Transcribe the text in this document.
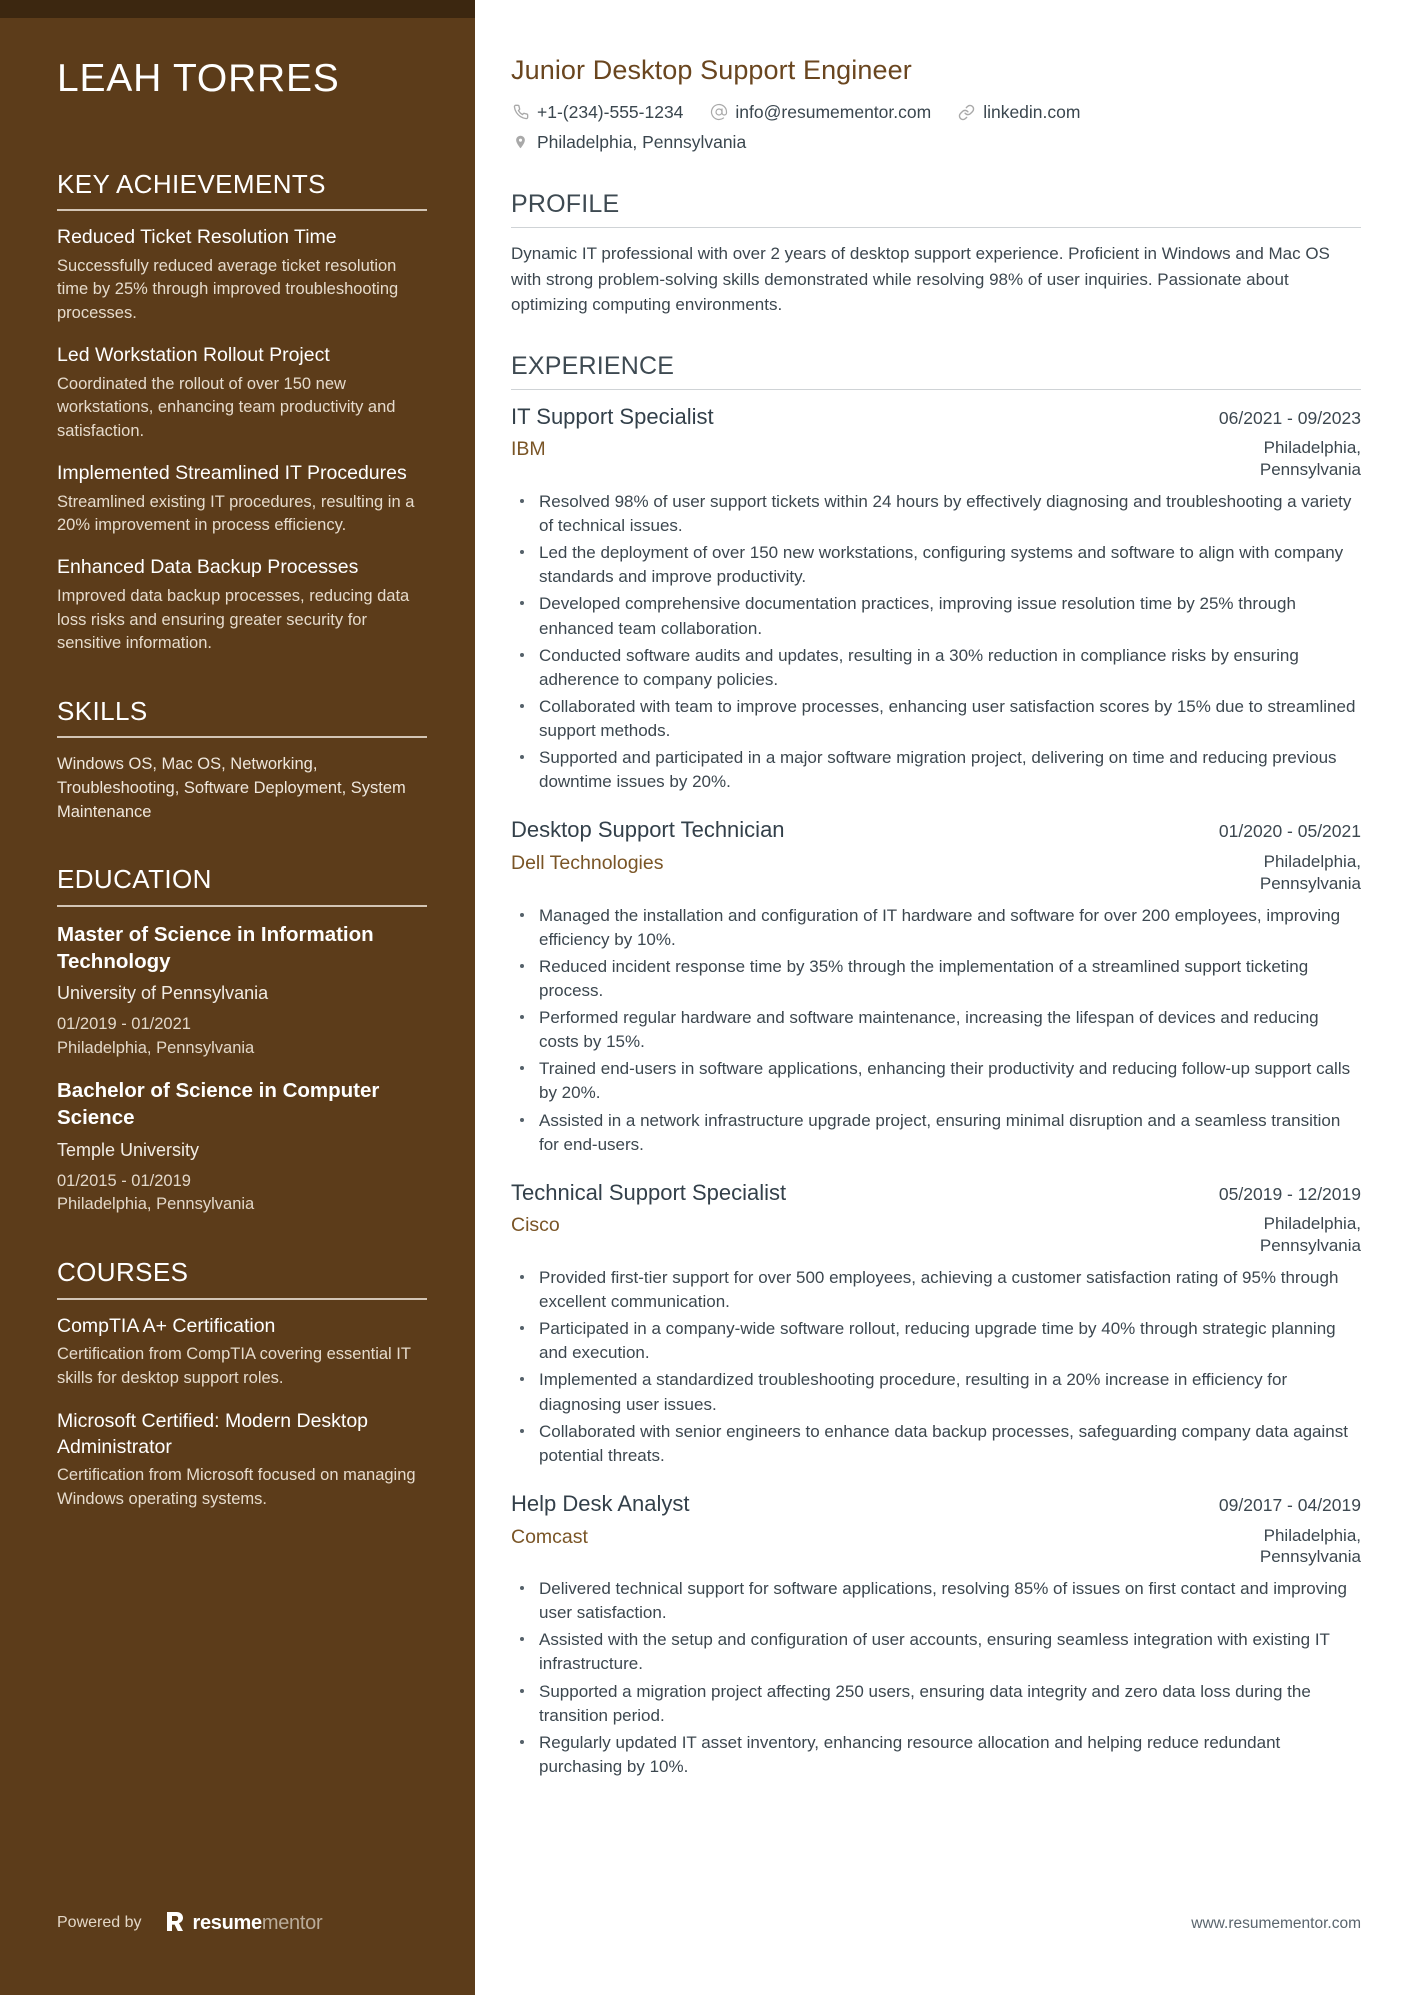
LEAH TORRES
KEY ACHIEVEMENTS
Reduced Ticket Resolution Time
Successfully reduced average ticket resolution time by 25% through improved troubleshooting processes.
Led Workstation Rollout Project
Coordinated the rollout of over 150 new workstations, enhancing team productivity and satisfaction.
Implemented Streamlined IT Procedures
Streamlined existing IT procedures, resulting in a 20% improvement in process efficiency.
Enhanced Data Backup Processes
Improved data backup processes, reducing data loss risks and ensuring greater security for sensitive information.
SKILLS
Windows OS, Mac OS, Networking, Troubleshooting, Software Deployment, System Maintenance
EDUCATION
Master of Science in Information Technology
University of Pennsylvania
01/2019 - 01/2021
Philadelphia, Pennsylvania
Bachelor of Science in Computer Science
Temple University
01/2015 - 01/2019
Philadelphia, Pennsylvania
COURSES
CompTIA A+ Certification
Certification from CompTIA covering essential IT skills for desktop support roles.
Microsoft Certified: Modern Desktop Administrator
Certification from Microsoft focused on managing Windows operating systems.
Powered by	resumementor
Junior Desktop Support Engineer
+1-(234)-555-1234	info@resumementor.com	linkedin.com
Philadelphia, Pennsylvania
PROFILE

Dynamic IT professional with over 2 years of desktop support experience. Proficient in Windows and Mac OS with strong problem-solving skills demonstrated while resolving 98% of user inquiries. Passionate about optimizing computing environments.

EXPERIENCE
IT Support Specialist	06/2021 - 09/2023
IBM	Philadelphia, Pennsylvania
Resolved 98% of user support tickets within 24 hours by effectively diagnosing and troubleshooting a variety of technical issues.
Led the deployment of over 150 new workstations, configuring systems and software to align with company standards and improve productivity.
Developed comprehensive documentation practices, improving issue resolution time by 25% through enhanced team collaboration.
Conducted software audits and updates, resulting in a 30% reduction in compliance risks by ensuring adherence to company policies.
Collaborated with team to improve processes, enhancing user satisfaction scores by 15% due to streamlined support methods.
Supported and participated in a major software migration project, delivering on time and reducing previous downtime issues by 20%.
Desktop Support Technician	01/2020 - 05/2021
Dell Technologies	Philadelphia, Pennsylvania
Managed the installation and configuration of IT hardware and software for over 200 employees, improving efficiency by 10%.
Reduced incident response time by 35% through the implementation of a streamlined support ticketing process.
Performed regular hardware and software maintenance, increasing the lifespan of devices and reducing costs by 15%.
Trained end-users in software applications, enhancing their productivity and reducing follow-up support calls by 20%.
Assisted in a network infrastructure upgrade project, ensuring minimal disruption and a seamless transition for end-users.
Technical Support Specialist	05/2019 - 12/2019
Cisco	Philadelphia, Pennsylvania
Provided first-tier support for over 500 employees, achieving a customer satisfaction rating of 95% through excellent communication.
Participated in a company-wide software rollout, reducing upgrade time by 40% through strategic planning and execution.
Implemented a standardized troubleshooting procedure, resulting in a 20% increase in efficiency for diagnosing user issues.
Collaborated with senior engineers to enhance data backup processes, safeguarding company data against potential threats.
Help Desk Analyst	09/2017 - 04/2019
Comcast	Philadelphia, Pennsylvania
Delivered technical support for software applications, resolving 85% of issues on first contact and improving user satisfaction.
Assisted with the setup and configuration of user accounts, ensuring seamless integration with existing IT infrastructure.
Supported a migration project affecting 250 users, ensuring data integrity and zero data loss during the transition period.
Regularly updated IT asset inventory, enhancing resource allocation and helping reduce redundant purchasing by 10%.
www.resumementor.com
